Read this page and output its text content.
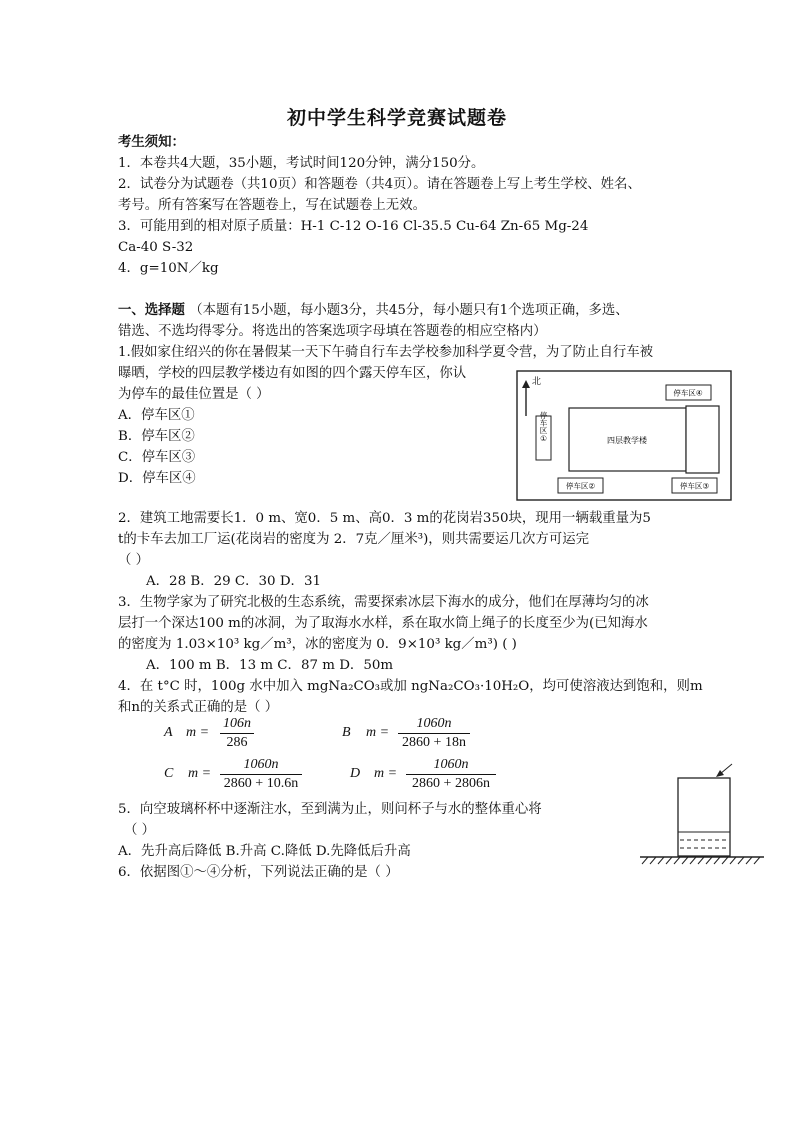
初中学生科学竞赛试题卷
考生须知：
1．本卷共4大题，35小题，考试时间120分钟，满分150分。
2．试卷分为试题卷（共10页）和答题卷（共4页）。请在答题卷上写上考生学校、姓名、
考号。所有答案写在答题卷上，写在试题卷上无效。
3．可能用到的相对原子质量：H-1 C-12 O-16 Cl-35.5 Cu-64 Zn-65 Mg-24
Ca-40 S-32
4．g=10N／kg
一、选择题 （本题有15小题，每小题3分，共45分，每小题只有1个选项正确，多选、
错选、不选均得零分。将选出的答案选项字母填在答题卷的相应空格内）
1.假如家住绍兴的你在暑假某一天下午骑自行车去学校参加科学夏令营，为了防止自行车被
曝晒，学校的四层教学楼边有如图的四个露天停车区，你认
为停车的最佳位置是（ ）
A．停车区①
B．停车区②
C．停车区③
D．停车区④
北
四层教学楼
停车区④
停车区①
停车区②	停车区③
2．建筑工地需要长1．0 m、宽0．5 m、高0．3 m的花岗岩350块，现用一辆载重量为5
t的卡车去加工厂运(花岗岩的密度为 2．7克／厘米³)，则共需要运几次方可运完
（ ）
A．28 B．29 C．30 D．31
3．生物学家为了研究北极的生态系统，需要探索冰层下海水的成分，他们在厚薄均匀的冰
层打一个深达100 m的冰洞，为了取海水水样，系在取水筒上绳子的长度至少为(已知海水
的密度为 1.03×10³ kg／m³，冰的密度为 0．9×10³ kg／m³) ( )
A．100 m B．13 m C．87 m D．50m
4．在 t°C 时，100g 水中加入 mgNa₂CO₃或加 ngNa₂CO₃·10H₂O，均可使溶液达到饱和，则m
和n的关系式正确的是（ ）
A m =
106n
286
B m =
1060n
2860 + 18n
C m =
1060n
2860 + 10.6n
D m =
1060n
2860 + 2806n
5．向空玻璃杯杯中逐渐注水，至到满为止，则问杯子与水的整体重心将
（ ）
A．先升高后降低 B.升高 C.降低 D.先降低后升高
6．依据图①～④分析，下列说法正确的是（ ）
